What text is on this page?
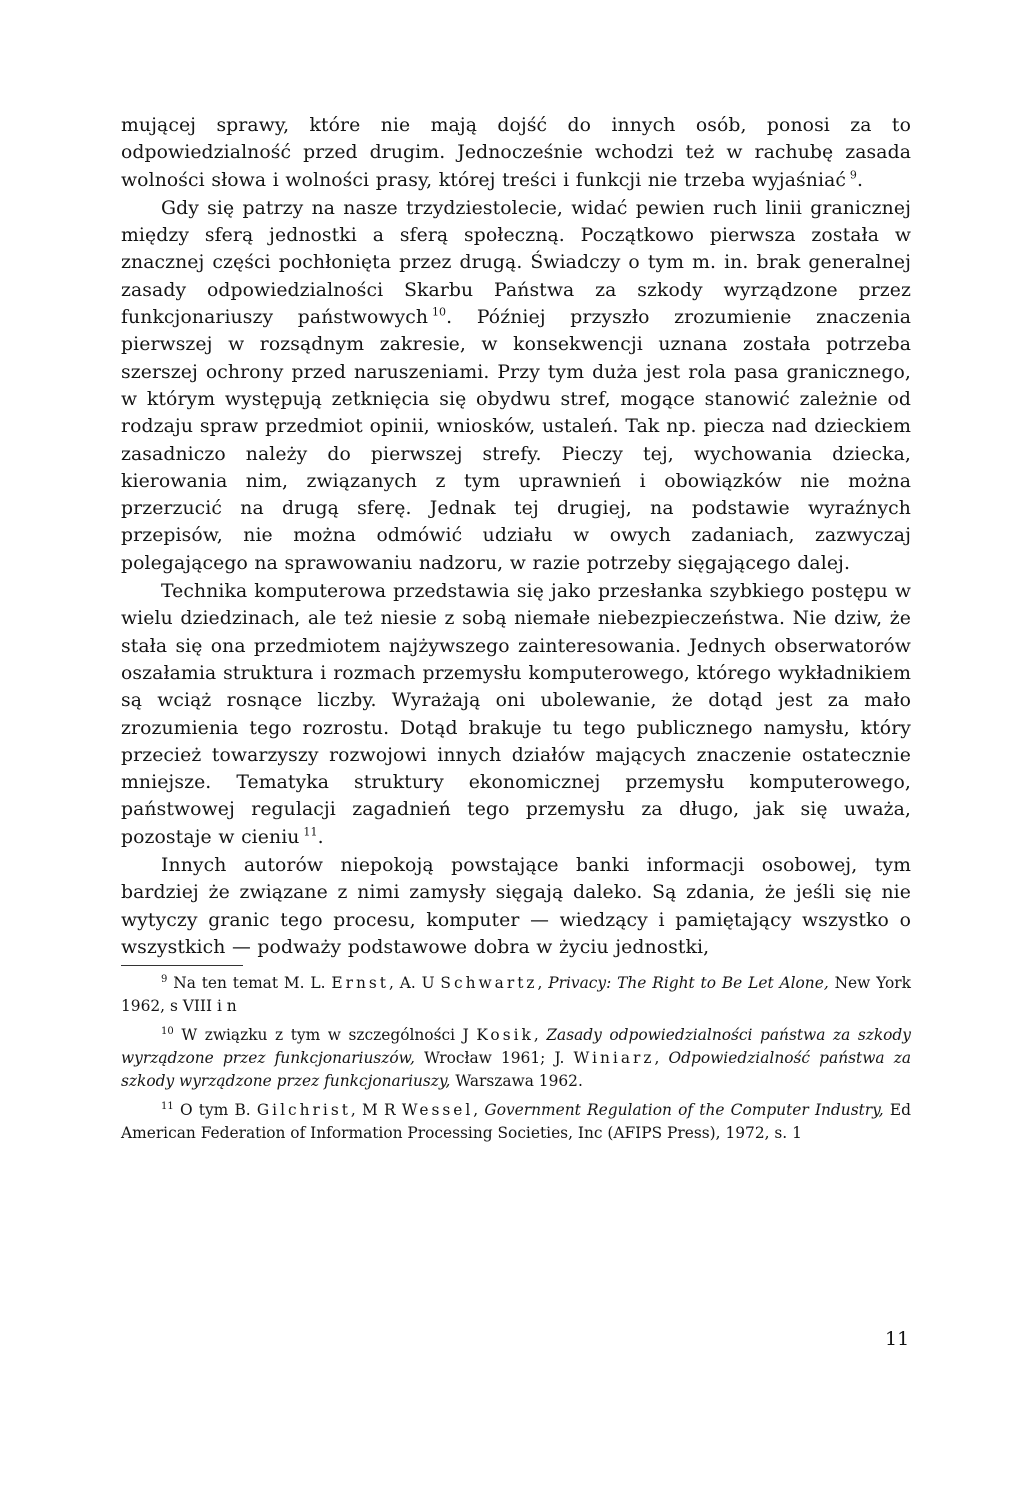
mującej sprawy, które nie mają dojść do innych osób, ponosi za to odpowiedzialność przed drugim. Jednocześnie wchodzi też w rachubę zasada wolności słowa i wolności prasy, której treści i funkcji nie trzeba wyjaśniać  $^9$.

Gdy się patrzy na nasze trzydziestolecie, widać pewien ruch linii granicznej między sferą jednostki a sferą społeczną. Początkowo pierwsza została w znacznej części pochłonięta przez drugą. Świadczy o tym m. in. brak generalnej zasady odpowiedzialności Skarbu Państwa za szkody wyrządzone przez funkcjonariuszy państwowych  $^{10}$. Później przyszło zrozumienie znaczenia pierwszej w rozsądnym zakresie, w konsekwencji uznana została potrzeba szerszej ochrony przed naruszeniami. Przy tym duża jest rola pasa granicznego, w którym występują zetknięcia się obydwu stref, mogące stanowić zależnie od rodzaju spraw przedmiot opinii, wniosków, ustaleń. Tak np. piecza nad dzieckiem zasadniczo należy do pierwszej strefy. Pieczy tej, wychowania dziecka, kierowania nim, związanych z tym uprawnień i obowiązków nie można przerzucić na drugą sferę. Jednak tej drugiej, na podstawie wyraźnych przepisów, nie można odmówić udziału w owych zadaniach, zazwyczaj polegającego na sprawowaniu nadzoru, w razie potrzeby sięgającego dalej.

Technika komputerowa przedstawia się jako przesłanka szybkiego postępu w wielu dziedzinach, ale też niesie z sobą niemałe niebezpieczeństwa. Nie dziw, że stała się ona przedmiotem najżywszego zainteresowania. Jednych obserwatorów oszałamia struktura i rozmach przemysłu komputerowego, którego wykładnikiem są wciąż rosnące liczby. Wyrażają oni ubolewanie, że dotąd jest za mało zrozumienia tego rozrostu. Dotąd brakuje tu tego publicznego namysłu, który przecież towarzyszy rozwojowi innych działów mających znaczenie ostatecznie mniejsze. Tematyka struktury ekonomicznej przemysłu komputerowego, państwowej regulacji zagadnień tego przemysłu za długo, jak się uważa, pozostaje w cieniu  $^{11}$.

Innych autorów niepokoją powstające banki informacji osobowej, tym bardziej że związane z nimi zamysły sięgają daleko. Są zdania, że jeśli się nie wytyczy granic tego procesu, komputer — wiedzący i pamiętający wszystko o wszystkich — podważy podstawowe dobra w życiu jednostki,

$^9$ Na ten temat M. L. Ernst, A. U Schwartz, Privacy: The Right to Be Let Alone, New York 1962, s VIII i n

$^{10}$ W związku z tym w szczególności J Kosik, Zasady odpowiedzialności państwa za szkody wyrządzone przez funkcjonariuszów, Wrocław 1961; J. Winiarz, Odpowiedzialność państwa za szkody wyrządzone przez funkcjonariuszy, Warszawa 1962.

$^{11}$ O tym B. Gilchrist, M R Wessel, Government Regulation of the Computer Industry, Ed American Federation of Information Processing Societies, Inc (AFIPS Press), 1972, s. 1

11
